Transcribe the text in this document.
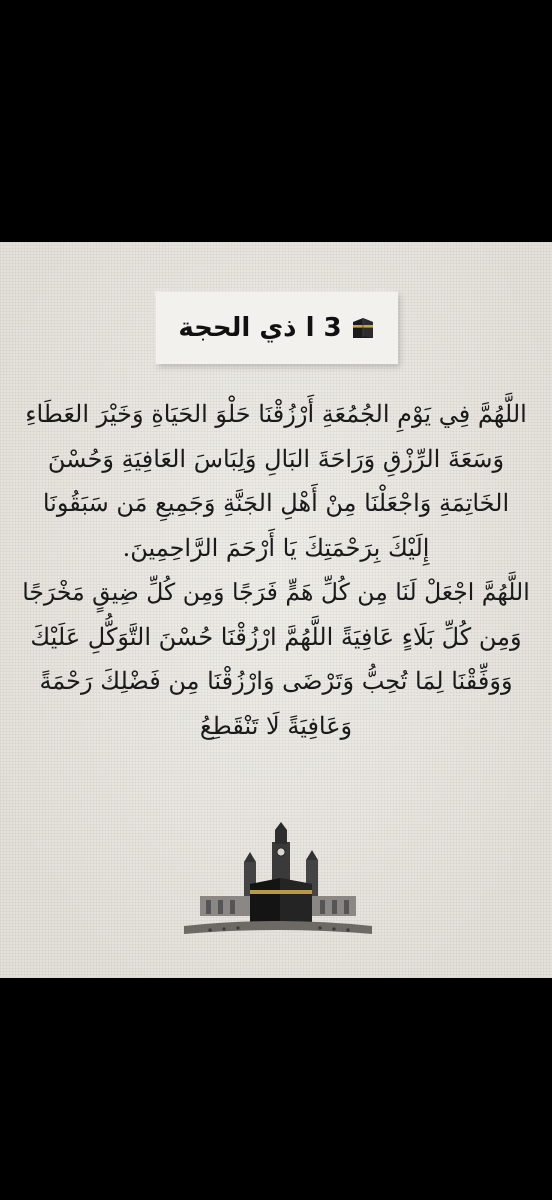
3 ا ذي الحجة
اللَّهُمَّ فِي يَوْمِ الجُمُعَةِ أَرْزُقْنَا حَلْوَ الحَيَاةِ وَخَيْرَ العَطَاءِ
وَسَعَةَ الرِّزْقِ وَرَاحَةَ البَالِ وَلِبَاسَ العَافِيَةِ وَحُسْنَ
الخَاتِمَةِ وَاجْعَلْنَا مِنْ أَهْلِ الجَنَّةِ وَجَمِيعِ مَن سَبَقُونَا
إِلَيْكَ بِرَحْمَتِكَ يَا أَرْحَمَ الرَّاحِمِينَ.
اللَّهُمَّ اجْعَلْ لَنَا مِن كُلِّ هَمٍّ فَرَجًا وَمِن كُلِّ ضِيقٍ مَخْرَجًا
وَمِن كُلِّ بَلَاءٍ عَافِيَةً اللَّهُمَّ ارْزُقْنَا حُسْنَ التَّوَكُّلِ عَلَيْكَ
وَوَفِّقْنَا لِمَا تُحِبُّ وَتَرْضَى وَارْزُقْنَا مِن فَضْلِكَ رَحْمَةً
وَعَافِيَةً لَا تَنْقَطِعُ
